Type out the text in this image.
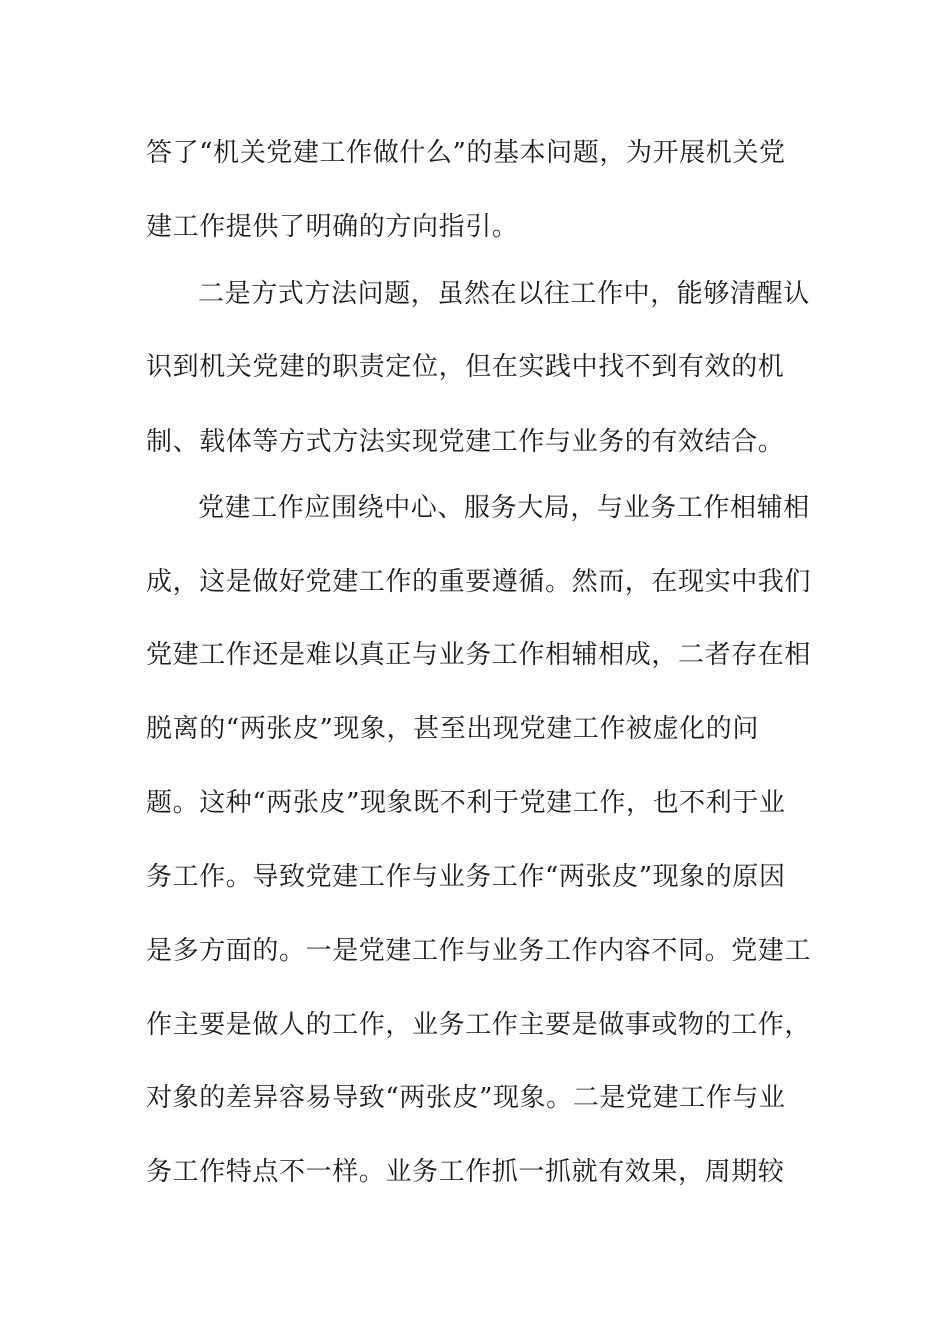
答了“机关党建工作做什么”的基本问题，为开展机关党
建工作提供了明确的方向指引。
二是方式方法问题，虽然在以往工作中，能够清醒认
识到机关党建的职责定位，但在实践中找不到有效的机
制、载体等方式方法实现党建工作与业务的有效结合。
党建工作应围绕中心、服务大局，与业务工作相辅相
成，这是做好党建工作的重要遵循。然而，在现实中我们
党建工作还是难以真正与业务工作相辅相成，二者存在相
脱离的“两张皮”现象，甚至出现党建工作被虚化的问
题。这种“两张皮”现象既不利于党建工作，也不利于业
务工作。导致党建工作与业务工作“两张皮”现象的原因
是多方面的。一是党建工作与业务工作内容不同。党建工
作主要是做人的工作，业务工作主要是做事或物的工作，
对象的差异容易导致“两张皮”现象。二是党建工作与业
务工作特点不一样。业务工作抓一抓就有效果，周期较
